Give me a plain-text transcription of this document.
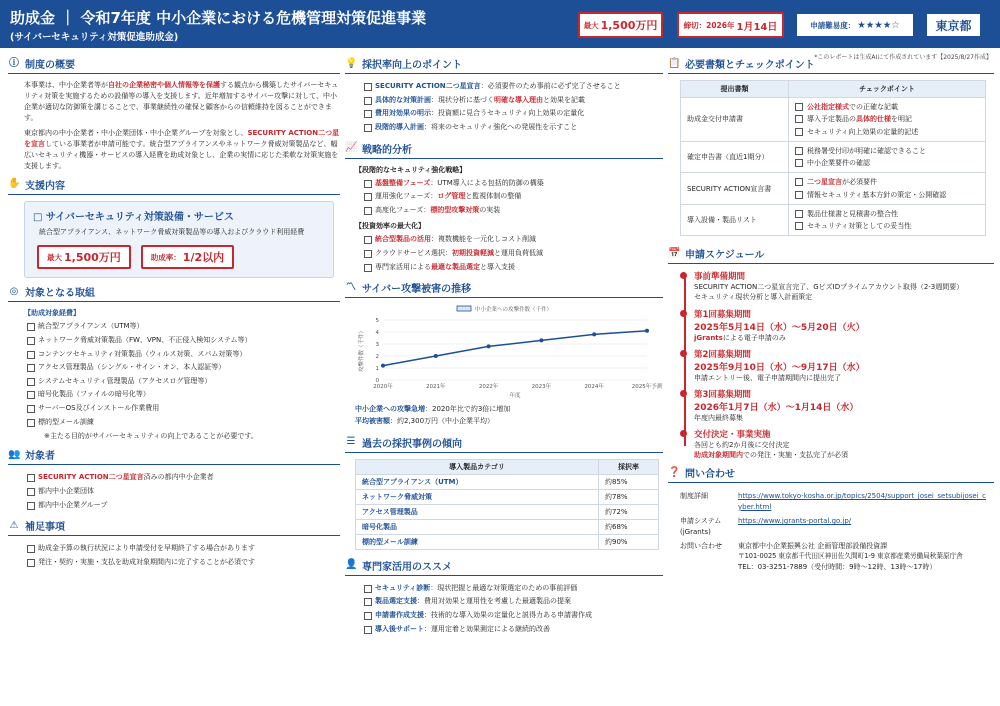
助成金 ｜ 令和7年度 中小企業における危機管理対策促進事業
(サイバーセキュリティ対策促進助成金)
最大 1,500万円	締切：2026年 1月14日	申請難易度： ★★★★☆	東京都
*このレポートは生成AIにて作成されています【2025/8/27作成】
ⓘ 制度の概要
本事業は、中小企業者等が自社の企業秘密や個人情報等を保護する観点から構築したサイバーセキュリティ対策を実施するための設備等の導入を支援します。近年増加するサイバー攻撃に対して、中小企業が適切な防御策を講じることで、事業継続性の確保と顧客からの信頼維持を図ることができます。
東京都内の中小企業者・中小企業団体・中小企業グループを対象とし、SECURITY ACTION二つ星を宣言している事業者が申請可能です。統合型アプライアンスやネットワーク脅威対策製品など、幅広いセキュリティ機器・サービスの導入経費を助成対象とし、企業の実情に応じた柔軟な対策実施を支援します。
✋ 支援内容
□ サイバーセキュリティ対策設備・サービス
統合型アプライアンス、ネットワーク脅威対策製品等の導入およびクラウド利用経費
最大 1,500万円	助成率： 1/2以内
◎ 対象となる取組
【助成対象経費】
統合型アプライアンス（UTM等）
ネットワーク脅威対策製品（FW、VPN、不正侵入検知システム等）
コンテンツセキュリティ対策製品（ウィルス対策、スパム対策等）
アクセス管理製品（シングル・サイン・オン、本人認証等）
システムセキュリティ管理製品（アクセスログ管理等）
暗号化製品（ファイルの暗号化等）
サーバーOS及びインストール作業費用
標的型メール訓練
※主たる目的がサイバーセキュリティの向上であることが必要です。
👥 対象者
SECURITY ACTION二つ星宣言済みの都内中小企業者
都内中小企業団体
都内中小企業グループ
⚠ 補足事項
助成金予算の執行状況により申請受付を早期終了する場合があります
発注・契約・実施・支払を助成対象期間内に完了することが必須です
💡 採択率向上のポイント
SECURITY ACTION二つ星宣言：必須要件のため事前に必ず完了させること
具体的な対策計画：現状分析に基づく明確な導入理由と効果を記載
費用対効果の明示：投資額に見合うセキュリティ向上効果の定量化
段階的導入計画：将来のセキュリティ強化への発展性を示すこと
📈 戦略的分析
【段階的なセキュリティ強化戦略】
基盤整備フェーズ：UTM導入による包括的防御の構築
運用強化フェーズ：ログ管理と監視体制の整備
高度化フェーズ：標的型攻撃対策の実装
【投資効率の最大化】
統合型製品の活用：複数機能を一元化しコスト削減
クラウドサービス選択：初期投資軽減と運用負荷低減
専門家活用による最適な製品選定と導入支援
〽 サイバー攻撃被害の推移
0
1
2
3
4
5
2020年	2021年	2022年	2023年	2024年	2025年予測
年度
攻撃件数（千件）
中小企業への攻撃件数（千件）
中小企業への攻撃急増：2020年比で約3倍に増加
平均被害額：約2,300万円（中小企業平均）
☰ 過去の採択事例の傾向
導入製品カテゴリ	採択率
統合型アプライアンス（UTM）	約85%
ネットワーク脅威対策	約78%
アクセス管理製品	約72%
暗号化製品	約68%
標的型メール訓練	約90%
👤 専門家活用のススメ
セキュリティ診断：現状把握と最適な対策選定のための事前評価
製品選定支援：費用対効果と運用性を考慮した最適製品の提案
申請書作成支援：技術的な導入効果の定量化と説得力ある申請書作成
導入後サポート：運用定着と効果測定による継続的改善
📋 必要書類とチェックポイント
提出書類	チェックポイント
助成金交付申請書	公社指定様式での正確な記載
導入予定製品の具体的仕様を明記
セキュリティ向上効果の定量的記述

確定申告書（直近1期分）	税務署受付印が明確に確認できること
中小企業要件の確認

SECURITY ACTION宣言書	二つ星宣言が必須要件
情報セキュリティ基本方針の策定・公開確認

導入設備・製品リスト	製品仕様書と見積書の整合性
セキュリティ対策としての妥当性
📅 申請スケジュール
事前準備期間
SECURITY ACTION二つ星宣言完了、GビズIDプライムアカウント取得（2-3週間要）
セキュリティ現状分析と導入計画策定
第1回募集期間
2025年5月14日（水）〜5月20日（火）
jGrantsによる電子申請のみ
第2回募集期間
2025年9月10日（水）〜9月17日（水）
申請エントリー後、電子申請期間内に提出完了
第3回募集期間
2026年1月7日（水）〜1月14日（水）
年度内最終募集
交付決定・事業実施
各回とも約2か月後に交付決定
助成対象期間内での発注・実施・支払完了が必須
❓ 問い合わせ
制度詳細	https://www.tokyo-kosha.or.jp/topics/2504/support_josei_setsubijosei_cyber.html

申請システム
(jGrants)	https://www.jgrants-portal.go.jp/
お問い合わせ	東京都中小企業振興公社 企画管理部設備投資課
〒101-0025 東京都千代田区神田佐久間町1-9 東京都産業労働局秋葉原庁舎
TEL：03-3251-7889（受付時間：9時〜12時、13時〜17時）
